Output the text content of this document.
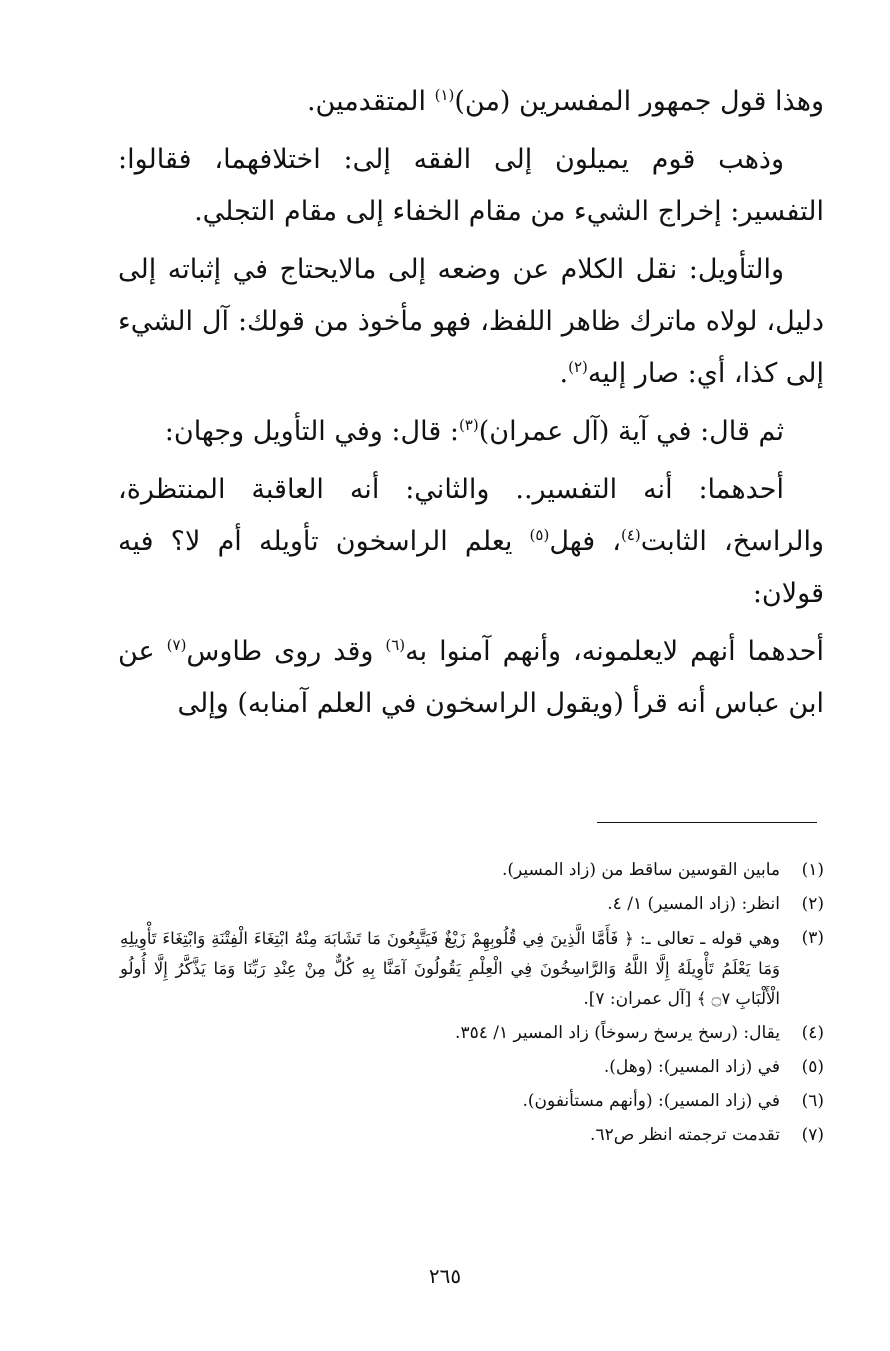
وهذا قول جمهور المفسرين (من)$^{(١)}$ المتقدمين.

وذهب قوم يميلون إلى الفقه إلى: اختلافهما، فقالوا: التفسير: إخراج الشيء من مقام الخفاء إلى مقام التجلي.

والتأويل: نقل الكلام عن وضعه إلى مالايحتاج في إثباته إلى دليل، لولاه ماترك ظاهر اللفظ، فهو مأخوذ من قولك: آل الشيء إلى كذا، أي: صار إليه$^{(٢)}$.

ثم قال: في آية (آل عمران)$^{(٣)}$: قال: وفي التأويل وجهان:

أحدهما: أنه التفسير.. والثاني: أنه العاقبة المنتظرة، والراسخ، الثابت$^{(٤)}$، فهل$^{(٥)}$ يعلم الراسخون تأويله أم لا؟ فيه قولان:

أحدهما أنهم لايعلمونه، وأنهم آمنوا به$^{(٦)}$ وقد روى طاوس$^{(٧)}$ عن ابن عباس أنه قرأ (ويقول الراسخون في العلم آمنابه) وإلى

(١)
مابين القوسين ساقط من (زاد المسير).
(٢)
انظر: (زاد المسير) ١/ ٤.
(٣)
وهي قوله ـ تعالى ـ: ﴿ فَأَمَّا الَّذِينَ فِي قُلُوبِهِمْ زَيْغٌ فَيَتَّبِعُونَ مَا تَشَابَهَ مِنْهُ ابْتِغَاءَ الْفِتْنَةِ وَابْتِغَاءَ تَأْوِيلِهِ وَمَا يَعْلَمُ تَأْوِيلَهُ إِلَّا اللَّهُ وَالرَّاسِخُونَ فِي الْعِلْمِ يَقُولُونَ آمَنَّا بِهِ كُلٌّ مِنْ عِنْدِ رَبِّنَا وَمَا يَذَّكَّرُ إِلَّا أُولُو الْأَلْبَابِ ۝٧ ﴾ [آل عمران: ٧].
(٤)
يقال: (رسخ يرسخ رسوخاً) زاد المسير ١/ ٣٥٤.
(٥)
في (زاد المسير): (وهل).
(٦)
في (زاد المسير): (وأنهم مستأنفون).
(٧)
تقدمت ترجمته انظر ص٦٢.
٢٦٥
